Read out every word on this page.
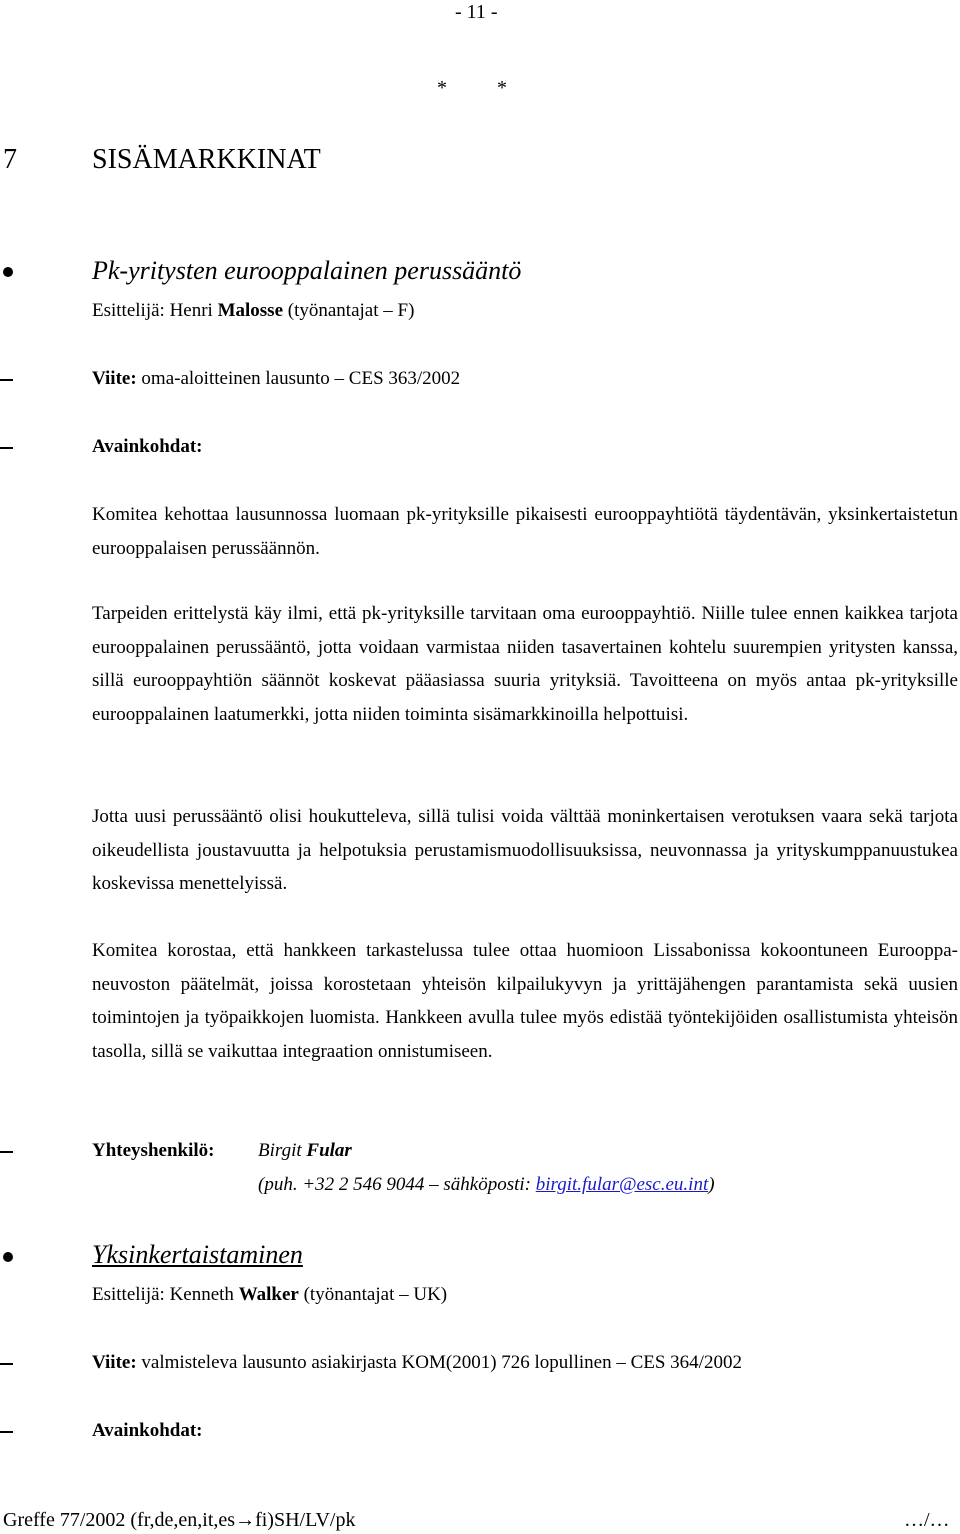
- 11 -
*          *
7	SISÄMARKKINAT
Pk-yritysten eurooppalainen perussääntö
Esittelijä: Henri Malosse (työnantajat – F)
Viite: oma-aloitteinen lausunto – CES 363/2002
Avainkohdat:

Komitea kehottaa lausunnossa luomaan pk-yrityksille pikaisesti eurooppayhtiötä täydentävän, yksinkertaistetun eurooppalaisen perussäännön.

Tarpeiden erittelystä käy ilmi, että pk-yrityksille tarvitaan oma eurooppayhtiö. Niille tulee ennen kaikkea tarjota eurooppalainen perussääntö, jotta voidaan varmistaa niiden tasavertainen kohtelu suurempien yritysten kanssa, sillä eurooppayhtiön säännöt koskevat pääasiassa suuria yrityksiä. Tavoitteena on myös antaa pk-yrityksille eurooppalainen laatumerkki, jotta niiden toiminta sisämarkkinoilla helpottuisi.

Jotta uusi perussääntö olisi houkutteleva, sillä tulisi voida välttää moninkertaisen verotuksen vaara sekä tarjota oikeudellista joustavuutta ja helpotuksia perustamismuodollisuuksissa, neuvonnassa ja yrityskumppanuustukea koskevissa menettelyissä.

Komitea korostaa, että hankkeen tarkastelussa tulee ottaa huomioon Lissabonissa kokoontuneen Eurooppa-neuvoston päätelmät, joissa korostetaan yhteisön kilpailukyvyn ja yrittäjähengen parantamista sekä uusien toimintojen ja työpaikkojen luomista. Hankkeen avulla tulee myös edistää työntekijöiden osallistumista yhteisön tasolla, sillä se vaikuttaa integraation onnistumiseen.

Yhteyshenkilö: Birgit Fular
(puh. +32 2 546 9044 – sähköposti: birgit.fular@esc.eu.int)
Yksinkertaistaminen
Esittelijä: Kenneth Walker (työnantajat – UK)
Viite: valmisteleva lausunto asiakirjasta KOM(2001) 726 lopullinen – CES 364/2002
Avainkohdat:
Greffe 77/2002 (fr,de,en,it,es→fi)SH/LV/pk	…/…
